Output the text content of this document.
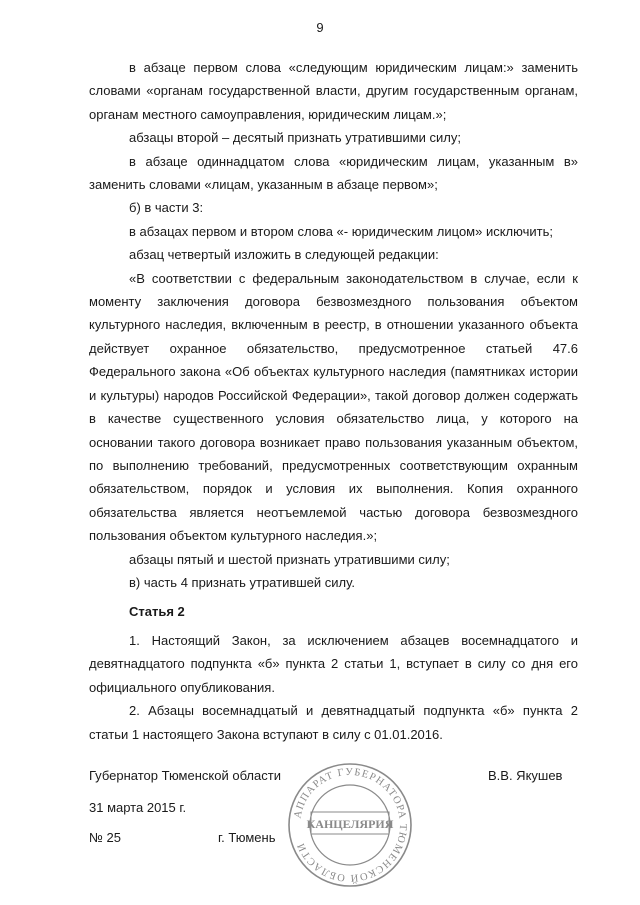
9

в абзаце первом слова «следующим юридическим лицам:» заменить словами «органам государственной власти, другим государственным органам, органам местного самоуправления, юридическим лицам.»;

абзацы второй – десятый признать утратившими силу;

в абзаце одиннадцатом слова «юридическим лицам, указанным в» заменить словами «лицам, указанным в абзаце первом»;

б) в части 3:

в абзацах первом и втором слова «- юридическим лицом» исключить;

абзац четвертый изложить в следующей редакции:

«В соответствии с федеральным законодательством в случае, если к моменту заключения договора безвозмездного пользования объектом культурного наследия, включенным в реестр, в отношении указанного объекта действует охранное обязательство, предусмотренное статьей 47.6 Федерального закона «Об объектах культурного наследия (памятниках истории и культуры) народов Российской Федерации», такой договор должен содержать в качестве существенного условия обязательство лица, у которого на основании такого договора возникает право пользования указанным объектом, по выполнению требований, предусмотренных соответствующим охранным обязательством, порядок и условия их выполнения. Копия охранного обязательства является неотъемлемой частью договора безвозмездного пользования объектом культурного наследия.»;

абзацы пятый и шестой признать утратившими силу;

в) часть 4 признать утратившей силу.

Статья 2

1. Настоящий Закон, за исключением абзацев восемнадцатого и девятнадцатого подпункта «б» пункта 2 статьи 1, вступает в силу со дня его официального опубликования.

2. Абзацы восемнадцатый и девятнадцатый подпункта «б» пункта 2 статьи 1 настоящего Закона вступают в силу с 01.01.2016.

Губернатор Тюменской области	В.В. Якушев
31 марта 2015 г.
№ 25	г. Тюмень
АППАРАТ ГУБЕРНАТОРА ТЮМЕНСКОЙ ОБЛАСТИ
КАНЦЕЛЯРИЯ
